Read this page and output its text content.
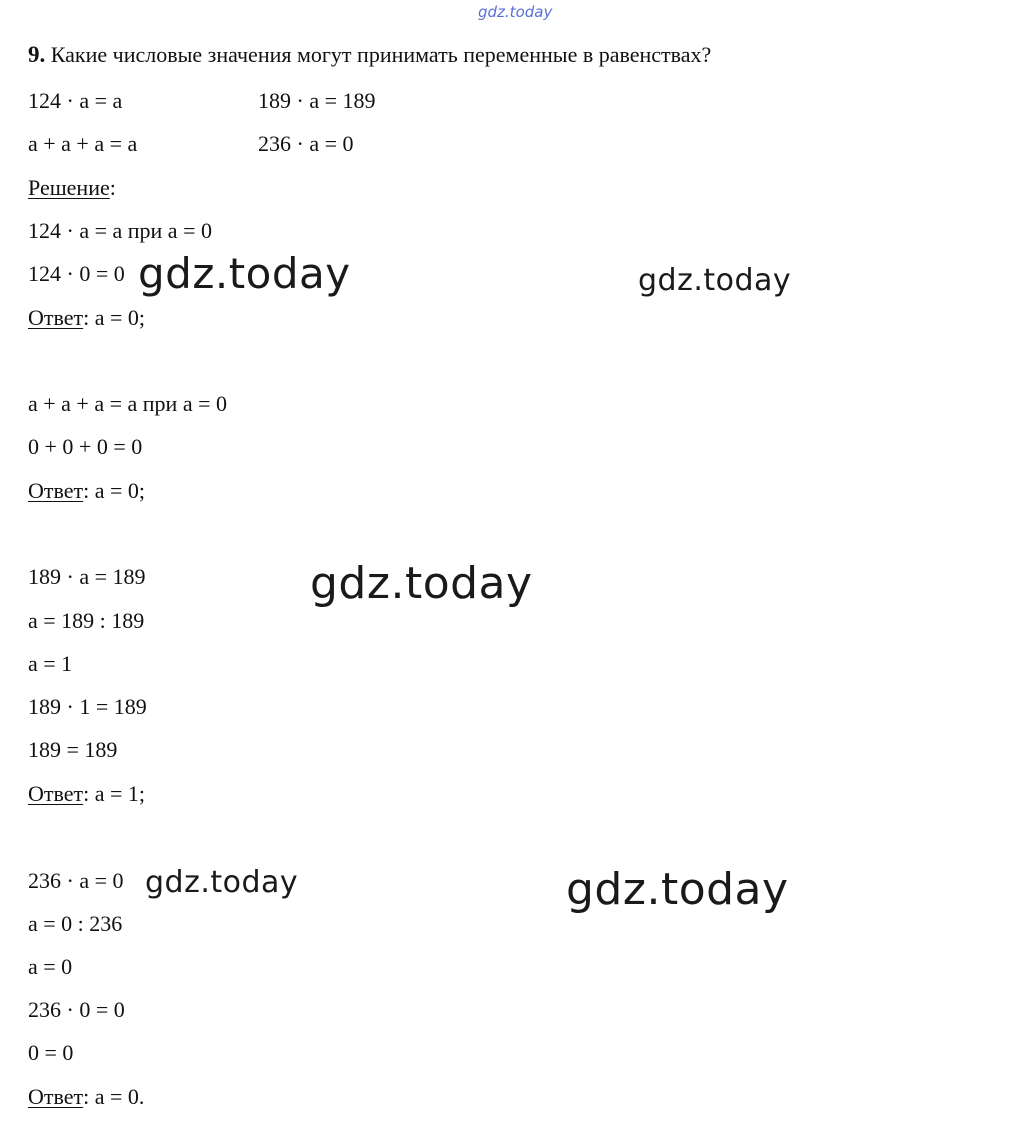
gdz.today
9. Какие числовые значения могут принимать переменные в равенствах?
124 · a = a	189 · a = 189
a + a + a = a	236 · a = 0
Решение:
124 · a = a при a = 0
124 · 0 = 0
Ответ: a = 0;
a + a + a = a при a = 0
0 + 0 + 0 = 0
Ответ: a = 0;
189 · a = 189
a = 189 : 189
a = 1
189 · 1 = 189
189 = 189
Ответ: a = 1;
236 · a = 0
a = 0 : 236
a = 0
236 · 0 = 0
0 = 0
Ответ: a = 0.
gdz.today	gdz.today
gdz.today
gdz.today	gdz.today
